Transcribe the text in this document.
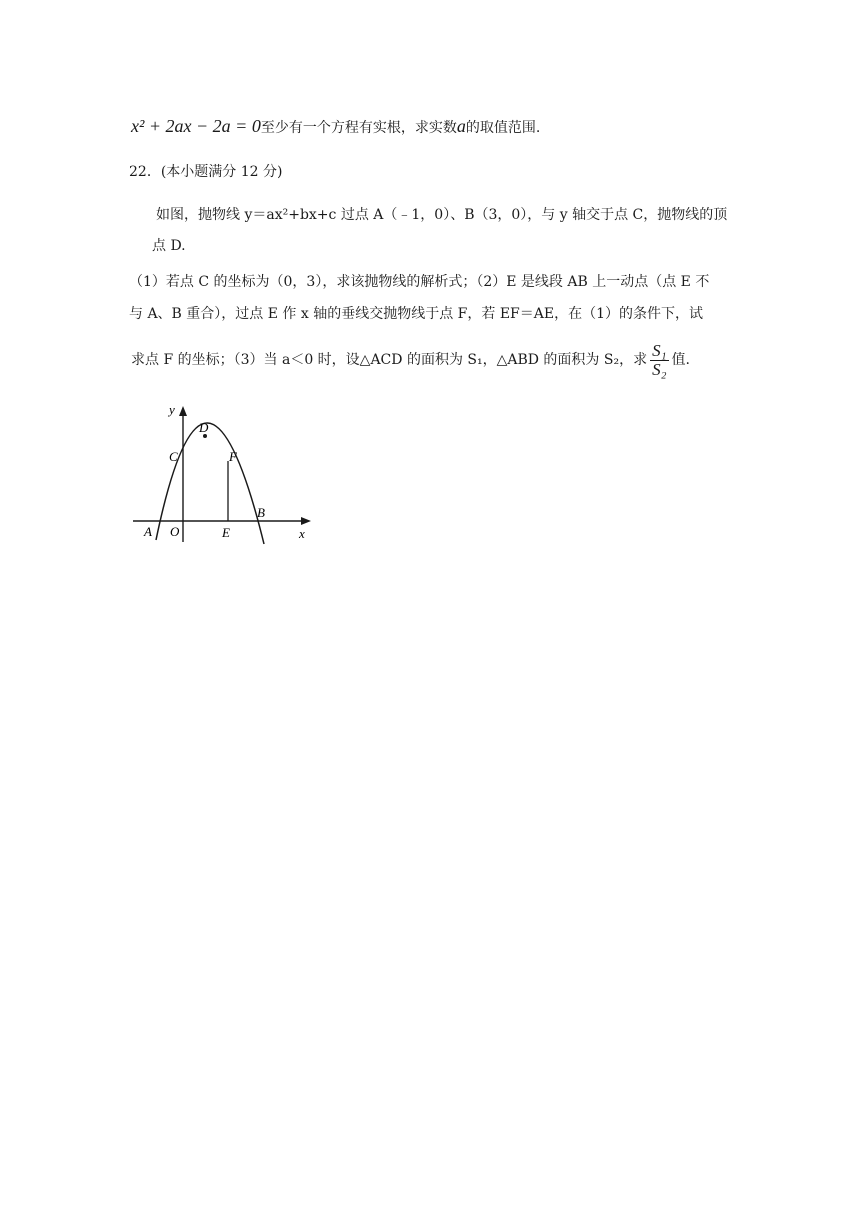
x² + 2ax − 2a = 0至少有一个方程有实根，求实数a的取值范围.
22．(本小题满分 12 分)
如图，抛物线 y＝ax²+bx+c 过点 A（﹣1，0）、B（3，0），与 y 轴交于点 C，抛物线的顶
点 D.
（1）若点 C 的坐标为（0，3），求该抛物线的解析式；（2）E 是线段 AB 上一动点（点 E 不
与 A、B 重合），过点 E 作 x 轴的垂线交抛物线于点 F，若 EF＝AE，在（1）的条件下，试
求点 F 的坐标；（3）当 a＜0 时，设△ACD 的面积为 S₁，△ABD 的面积为 S₂，求 $\frac{\text{S₁}}{\text{S₂}}$ 值.
y
x
A O	E
B
C
D
F
